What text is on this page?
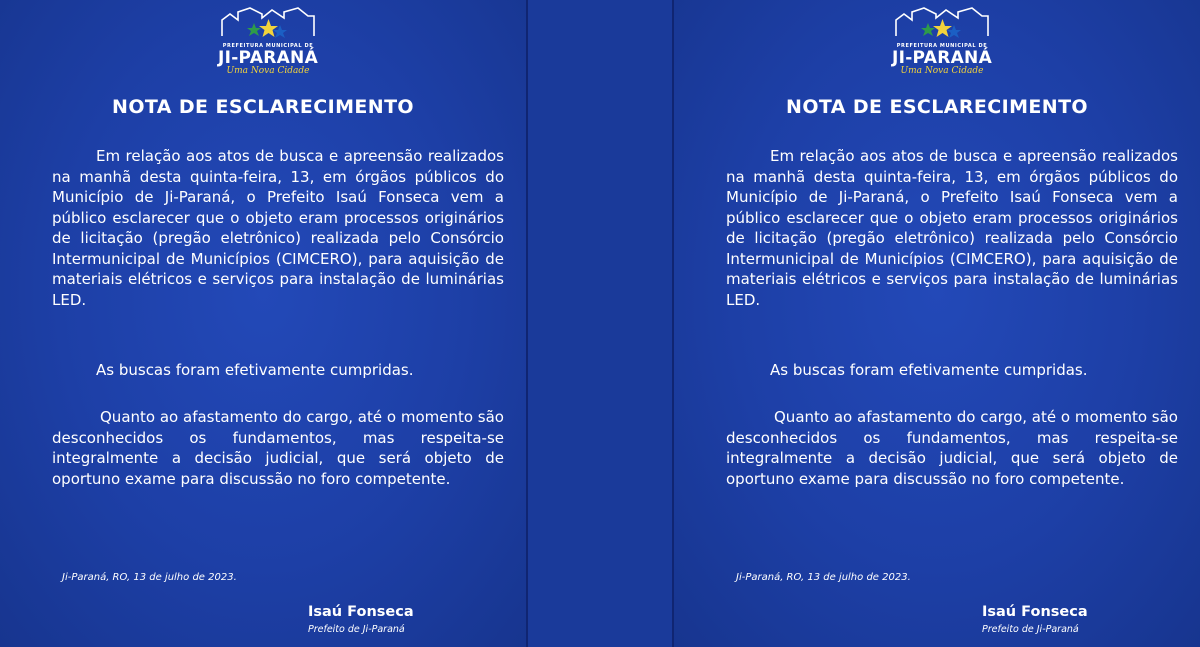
PREFEITURA MUNICIPAL DE
JI-PARANÁ
Uma Nova Cidade
NOTA DE ESCLARECIMENTO
Em relação aos atos de busca e apreensão realizados na manhã desta quinta-feira, 13, em órgãos públicos do Município de Ji-Paraná, o Prefeito Isaú Fonseca vem a público esclarecer que o objeto eram processos originários de licitação (pregão eletrônico) realizada pelo Consórcio Intermunicipal de Municípios (CIMCERO), para aquisição de materiais elétricos e serviços para instalação de luminárias LED.
As buscas foram efetivamente cumpridas.
Quanto ao afastamento do cargo, até o momento são desconhecidos os fundamentos, mas respeita-se integralmente a decisão judicial, que será objeto de oportuno exame para discussão no foro competente.
Ji-Paraná, RO, 13 de julho de 2023.
Isaú Fonseca
Prefeito de Ji-Paraná
PREFEITURA MUNICIPAL DE
JI-PARANÁ
Uma Nova Cidade
NOTA DE ESCLARECIMENTO
Em relação aos atos de busca e apreensão realizados na manhã desta quinta-feira, 13, em órgãos públicos do Município de Ji-Paraná, o Prefeito Isaú Fonseca vem a público esclarecer que o objeto eram processos originários de licitação (pregão eletrônico) realizada pelo Consórcio Intermunicipal de Municípios (CIMCERO), para aquisição de materiais elétricos e serviços para instalação de luminárias LED.
As buscas foram efetivamente cumpridas.
Quanto ao afastamento do cargo, até o momento são desconhecidos os fundamentos, mas respeita-se integralmente a decisão judicial, que será objeto de oportuno exame para discussão no foro competente.
Ji-Paraná, RO, 13 de julho de 2023.
Isaú Fonseca
Prefeito de Ji-Paraná
